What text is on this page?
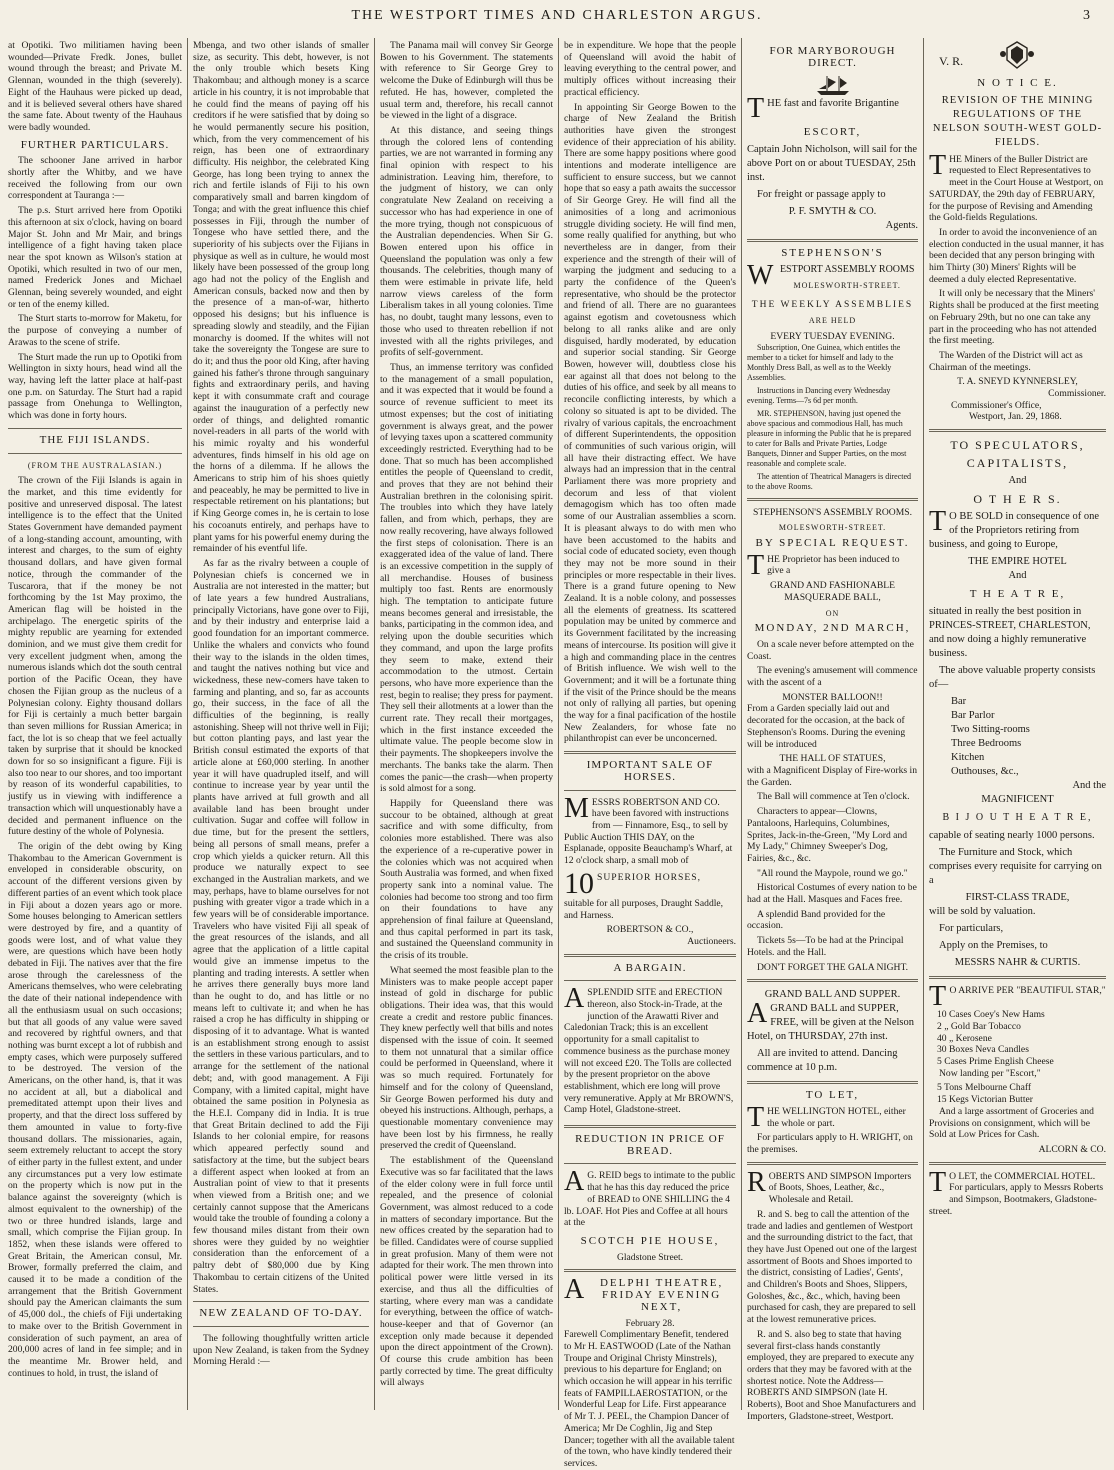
THE WESTPORT TIMES AND CHARLESTON ARGUS.	3

at Opotiki. Two militiamen having been wounded—Private Fredk. Jones, bullet wound through the breast; and Private M. Glennan, wounded in the thigh (severely). Eight of the Hauhaus were picked up dead, and it is believed several others have shared the same fate. About twenty of the Hauhaus were badly wounded.

FURTHER PARTICULARS.

The schooner Jane arrived in harbor shortly after the Whitby, and we have received the following from our own correspondent at Tauranga :—

The p.s. Sturt arrived here from Opotiki this afternoon at six o'clock, having on board Major St. John and Mr Mair, and brings intelligence of a fight having taken place near the spot known as Wilson's station at Opotiki, which resulted in two of our men, named Frederick Jones and Michael Glennan, being severely wounded, and eight or ten of the enemy killed.

The Sturt starts to-morrow for Maketu, for the purpose of conveying a number of Arawas to the scene of strife.

The Sturt made the run up to Opotiki from Wellington in sixty hours, head wind all the way, having left the latter place at half-past one p.m. on Saturday. The Sturt had a rapid passage from Onehunga to Wellington, which was done in forty hours.

THE FIJI ISLANDS.
(FROM THE AUSTRALASIAN.)

The crown of the Fiji Islands is again in the market, and this time evidently for positive and unreserved disposal. The latest intelligence is to the effect that the United States Government have demanded payment of a long-standing account, amounting, with interest and charges, to the sum of eighty thousand dollars, and have given formal notice, through the commander of the Tuscarora, that if the money be not forthcoming by the 1st May proximo, the American flag will be hoisted in the archipelago. The energetic spirits of the mighty republic are yearning for extended dominion, and we must give them credit for very excellent judgment when, among the numerous islands which dot the south central portion of the Pacific Ocean, they have chosen the Fijian group as the nucleus of a Polynesian colony. Eighty thousand dollars for Fiji is certainly a much better bargain than seven millions for Russian America; in fact, the lot is so cheap that we feel actually taken by surprise that it should be knocked down for so so insignificant a figure. Fiji is also too near to our shores, and too important by reason of its wonderful capabilities, to justify us in viewing with indifference a transaction which will unquestionably have a decided and permanent influence on the future destiny of the whole of Polynesia.

The origin of the debt owing by King Thakombau to the American Government is enveloped in considerable obscurity, on account of the different versions given by different parties of an event which took place in Fiji about a dozen years ago or more. Some houses belonging to American settlers were destroyed by fire, and a quantity of goods were lost, and of what value they were, are questions which have been hotly debated in Fiji. The natives aver that the fire arose through the carelessness of the Americans themselves, who were celebrating the date of their national independence with all the enthusiasm usual on such occasions; but that all goods of any value were saved and recovered by rightful owners, and that nothing was burnt except a lot of rubbish and empty cases, which were purposely suffered to be destroyed. The version of the Americans, on the other hand, is, that it was no accident at all, but a diabolical and premeditated attempt upon their lives and property, and that the direct loss suffered by them amounted in value to forty-five thousand dollars. The missionaries, again, seem extremely reluctant to accept the story of either party in the fullest extent, and under any circumstances put a very low estimate on the property which is now put in the balance against the sovereignty (which is almost equivalent to the ownership) of the two or three hundred islands, large and small, which comprise the Fijian group. In 1852, when these islands were offered to Great Britain, the American consul, Mr. Brower, formally preferred the claim, and caused it to be made a condition of the arrangement that the British Government should pay the American claimants the sum of 45,000 dol., the chiefs of Fiji undertaking to make over to the British Government in consideration of such payment, an area of 200,000 acres of land in fee simple; and in the meantime Mr. Brower held, and continues to hold, in trust, the island of

Mbenga, and two other islands of smaller size, as security. This debt, however, is not the only trouble which besets King Thakombau; and although money is a scarce article in his country, it is not improbable that he could find the means of paying off his creditors if he were satisfied that by doing so he would permanently secure his position, which, from the very commencement of his reign, has been one of extraordinary difficulty. His neighbor, the celebrated King George, has long been trying to annex the rich and fertile islands of Fiji to his own comparatively small and barren kingdom of Tonga; and with the great influence this chief possesses in Fiji, through the number of Tongese who have settled there, and the superiority of his subjects over the Fijians in physique as well as in culture, he would most likely have been possessed of the group long ago had not the policy of the English and American consuls, backed now and then by the presence of a man-of-war, hitherto opposed his designs; but his influence is spreading slowly and steadily, and the Fijian monarchy is doomed. If the whites will not take the sovereignty the Tongese are sure to do it; and thus the poor old King, after having gained his father's throne through sanguinary fights and extraordinary perils, and having kept it with consummate craft and courage against the inauguration of a perfectly new order of things, and delighted romantic novel-readers in all parts of the world with his mimic royalty and his wonderful adventures, finds himself in his old age on the horns of a dilemma. If he allows the Americans to strip him of his shoes quietly and peaceably, he may be permitted to live in respectable retirement on his plantations; but if King George comes in, he is certain to lose his cocoanuts entirely, and perhaps have to plant yams for his powerful enemy during the remainder of his eventful life.

As far as the rivalry between a couple of Polynesian chiefs is concerned we in Australia are not interested in the matter; but of late years a few hundred Australians, principally Victorians, have gone over to Fiji, and by their industry and enterprise laid a good foundation for an important commerce. Unlike the whalers and convicts who found their way to the islands in the olden times, and taught the natives nothing but vice and wickedness, these new-comers have taken to farming and planting, and so, far as accounts go, their success, in the face of all the difficulties of the beginning, is really astonishing. Sheep will not thrive well in Fiji; but cotton planting pays, and last year the British consul estimated the exports of that article alone at £60,000 sterling. In another year it will have quadrupled itself, and will continue to increase year by year until the plants have arrived at full growth and all available land has been brought under cultivation. Sugar and coffee will follow in due time, but for the present the settlers, being all persons of small means, prefer a crop which yields a quicker return. All this produce we naturally expect to see exchanged in the Australian markets, and we may, perhaps, have to blame ourselves for not pushing with greater vigor a trade which in a few years will be of considerable importance. Travelers who have visited Fiji all speak of the great resources of the islands, and all agree that the application of a little capital would give an immense impetus to the planting and trading interests. A settler when he arrives there generally buys more land than he ought to do, and has little or no means left to cultivate it; and when he has raised a crop he has difficulty in shipping or disposing of it to advantage. What is wanted is an establishment strong enough to assist the settlers in these various particulars, and to arrange for the settlement of the national debt; and, with good management. A Fiji Company, with a limited capital, might have obtained the same position in Polynesia as the H.E.I. Company did in India. It is true that Great Britain declined to add the Fiji Islands to her colonial empire, for reasons which appeared perfectly sound and satisfactory at the time, but the subject bears a different aspect when looked at from an Australian point of view to that it presents when viewed from a British one; and we certainly cannot suppose that the Americans would take the trouble of founding a colony a few thousand miles distant from their own shores were they guided by no weightier consideration than the enforcement of a paltry debt of $80,000 due by King Thakombau to certain citizens of the United States.

NEW ZEALAND OF TO-DAY.

The following thoughtfully written article upon New Zealand, is taken from the Sydney Morning Herald :—

The Panama mail will convey Sir George Bowen to his Government. The statements with reference to Sir George Grey to welcome the Duke of Edinburgh will thus be refuted. He has, however, completed the usual term and, therefore, his recall cannot be viewed in the light of a disgrace.

At this distance, and seeing things through the colored lens of contending parties, we are not warranted in forming any final opinion with respect to his administration. Leaving him, therefore, to the judgment of history, we can only congratulate New Zealand on receiving a successor who has had experience in one of the more trying, though not conspicuous of the Australian dependencies. When Sir G. Bowen entered upon his office in Queensland the population was only a few thousands. The celebrities, though many of them were estimable in private life, held narrow views careless of the form Liberalism takes in all young colonies. Time has, no doubt, taught many lessons, even to those who used to threaten rebellion if not invested with all the rights privileges, and profits of self-government.

Thus, an immense territory was confided to the management of a small population, and it was expected that it would be found a source of revenue sufficient to meet its utmost expenses; but the cost of initiating government is always great, and the power of levying taxes upon a scattered community exceedingly restricted. Everything had to be done. That so much has been accomplished entitles the people of Queensland to credit, and proves that they are not behind their Australian brethren in the colonising spirit. The troubles into which they have lately fallen, and from which, perhaps, they are now really recovering, have always followed the first steps of colonisation. There is an exaggerated idea of the value of land. There is an excessive competition in the supply of all merchandise. Houses of business multiply too fast. Rents are enormously high. The temptation to anticipate future means becomes general and irresistable, the banks, participating in the common idea, and relying upon the double securities which they command, and upon the large profits they seem to make, extend their accommodation to the utmost. Certain persons, who have more experience than the rest, begin to realise; they press for payment. They sell their allotments at a lower than the current rate. They recall their mortgages, which in the first instance exceeded the ultimate value. The people become slow in their payments. The shopkeepers involve the merchants. The banks take the alarm. Then comes the panic—the crash—when property is sold almost for a song.

Happily for Queensland there was succour to be obtained, although at great sacrifice and with some difficulty, from colonies more established. There was also the experience of a re-cuperative power in the colonies which was not acquired when South Australia was formed, and when fixed property sank into a nominal value. The colonies had become too strong and too firm on their foundations to have any apprehension of final failure at Queensland, and thus capital performed in part its task, and sustained the Queensland community in the crisis of its trouble.

What seemed the most feasible plan to the Ministers was to make people accept paper instead of gold in discharge for public obligations. Their idea was, that this would create a credit and restore public finances. They knew perfectly well that bills and notes dispensed with the issue of coin. It seemed to them not unnatural that a similar office could be performed in Queensland, where it was so much required. Fortunately for himself and for the colony of Queensland, Sir George Bowen performed his duty and obeyed his instructions. Although, perhaps, a questionable momentary convenience may have been lost by his firmness, he really preserved the credit of Queensland.

The establishment of the Queensland Executive was so far facilitated that the laws of the elder colony were in full force until repealed, and the presence of colonial Government, was almost reduced to a code in matters of secondary importance. But the new offices created by the separation had to be filled. Candidates were of course supplied in great profusion. Many of them were not adapted for their work. The men thrown into political power were little versed in its exercise, and thus all the difficulties of starting, where every man was a candidate for everything, between the office of watch-house-keeper and that of Governor (an exception only made because it depended upon the direct appointment of the Crown). Of course this crude ambition has been partly corrected by time. The great difficulty will always

be in expenditure. We hope that the people of Queensland will avoid the habit of leaving everything to the central power, and multiply offices without increasing their practical efficiency.

In appointing Sir George Bowen to the charge of New Zealand the British authorities have given the strongest evidence of their appreciation of his ability. There are some happy positions where good intentions and moderate intelligence are sufficient to ensure success, but we cannot hope that so easy a path awaits the successor of Sir George Grey. He will find all the animosities of a long and acrimonious struggle dividing society. He will find men, some really qualified for anything, but who nevertheless are in danger, from their experience and the strength of their will of warping the judgment and seducing to a party the confidence of the Queen's representative, who should be the protector and friend of all. There are no guarantees against egotism and covetousness which belong to all ranks alike and are only disguised, hardly moderated, by education and superior social standing. Sir George Bowen, however will, doubtless close his ear against all that does not belong to the duties of his office, and seek by all means to reconcile conflicting interests, by which a colony so situated is apt to be divided. The rivalry of various capitals, the encroachment of different Superintendents, the opposition of communities of such various origin, will all have their distracting effect. We have always had an impression that in the central Parliament there was more propriety and decorum and less of that violent demagogism which has too often made some of our Australian assemblies a scorn. It is pleasant always to do with men who have been accustomed to the habits and social code of educated society, even though they may not be more sound in their principles or more respectable in their lives. There is a grand future opening to New Zealand. It is a noble colony, and possesses all the elements of greatness. Its scattered population may be united by commerce and its Government facilitated by the increasing means of intercourse. Its position will give it a high and commanding place in the centres of British influence. We wish well to the Government; and it will be a fortunate thing if the visit of the Prince should be the means not only of rallying all parties, but opening the way for a final pacification of the hostile New Zealanders, for whose fate no philanthropist can ever be unconcerned.

IMPORTANT SALE OF HORSES.
M ESSRS ROBERTSON AND CO. have been favored with instructions from — Finnamore, Esq., to sell by Public Auction THIS DAY, on the Esplanade, opposite Beauchamp's Wharf, at 12 o'clock sharp, a small mob of

10 SUPERIOR HORSES,

suitable for all purposes, Draught Saddle, and Harness.

ROBERTSON & CO.,
Auctioneers.
A BARGAIN.
A SPLENDID SITE and ERECTION thereon, also Stock-in-Trade, at the junction of the Arawatti River and Caledonian Track; this is an excellent opportunity for a small capitalist to commence business as the purchase money will not exceed £20. The Tolls are collected by the present proprietor on the above establishment, which ere long will prove very remunerative. Apply at Mr BROWN'S, Camp Hotel, Gladstone-street.

REDUCTION IN PRICE OF BREAD.
A G. REID begs to intimate to the public that he has this day reduced the price of BREAD to ONE SHILLING the 4 lb. LOAF. Hot Pies and Coffee at all hours at the

SCOTCH PIE HOUSE,
Gladstone Street.
A	DELPHI THEATRE, FRIDAY EVENING NEXT,
February 28.

Farewell Complimentary Benefit, tendered to Mr H. EASTWOOD (Late of the Nathan Troupe and Original Christy Minstrels), previous to his departure for England; on which occasion he will appear in his terrific feats of FAMPILLAEROSTATION, or the Wonderful Leap for Life. First appearance of Mr T. J. PEEL, the Champion Dancer of America; Mr De Coghlin, Jig and Step Dancer; together with all the available talent of the town, who have kindly tendered their services.

FOR MARYBOROUGH DIRECT.
T HE fast and favorite Brigantine

ESCORT,

Captain John Nicholson, will sail for the above Port on or about TUESDAY, 25th inst.

For freight or passage apply to

P. F. SMYTH & CO.
Agents.
STEPHENSON'S
W ESTPORT ASSEMBLY ROOMS
MOLESWORTH-STREET.
THE WEEKLY ASSEMBLIES
ARE HELD
EVERY TUESDAY EVENING.

Subscription, One Guinea, which entitles the member to a ticket for himself and lady to the Monthly Dress Ball, as well as to the Weekly Assemblies.

Instructions in Dancing every Wednesday evening. Terms—7s 6d per month.

MR. STEPHENSON, having just opened the above spacious and commodious Hall, has much pleasure in informing the Public that he is prepared to cater for Balls and Private Parties, Lodge Banquets, Dinner and Supper Parties, on the most reasonable and complete scale.

The attention of Theatrical Managers is directed to the above Rooms.

STEPHENSON'S ASSEMBLY ROOMS.
MOLESWORTH-STREET.
BY SPECIAL REQUEST.
T HE Proprietor has been induced to give a

GRAND AND FASHIONABLE MASQUERADE BALL,
ON
MONDAY, 2ND MARCH,

On a scale never before attempted on the Coast.

The evening's amusement will commence with the ascent of a

MONSTER BALLOON!!

From a Garden specially laid out and decorated for the occasion, at the back of Stephenson's Rooms. During the evening will be introduced

THE HALL OF STATUES,

with a Magnificent Display of Fire-works in the Garden.

The Ball will commence at Ten o'clock.

Characters to appear—Clowns, Pantaloons, Harlequins, Columbines, Sprites, Jack-in-the-Green, "My Lord and My Lady," Chimney Sweeper's Dog, Fairies, &c., &c.

"All round the Maypole, round we go."

Historical Costumes of every nation to be had at the Hall. Masques and Faces free.

A splendid Band provided for the occasion.

Tickets 5s—To be had at the Principal Hotels. and the Hall.

DON'T FORGET THE GALA NIGHT.
GRAND BALL AND SUPPER.
A GRAND BALL and SUPPER, FREE, will be given at the Nelson Hotel, on THURSDAY, 27th inst.

All are invited to attend. Dancing commence at 10 p.m.

TO LET,
T HE WELLINGTON HOTEL, either the whole or part.

For particulars apply to H. WRIGHT, on the premises.

R OBERTS AND SIMPSON Importers of Boots, Shoes, Leather, &c., Wholesale and Retail.

R. and S. beg to call the attention of the trade and ladies and gentlemen of Westport and the surrounding district to the fact, that they have Just Opened out one of the largest assortment of Boots and Shoes imported to the district, consisting of Ladies', Gents', and Children's Boots and Shoes, Slippers, Goloshes, &c., &c., which, having been purchased for cash, they are prepared to sell at the lowest remunerative prices.

R. and S. also beg to state that having several first-class hands constantly employed, they are prepared to execute any orders that they may be favored with at the shortest notice. Note the Address—ROBERTS AND SIMPSON (late H. Roberts), Boot and Shoe Manufacturers and Importers, Gladstone-street, Westport.

V. R.
N O T I C E.
REVISION OF THE MINING REGULATIONS OF THE NELSON SOUTH-WEST GOLD-FIELDS.
T HE Miners of the Buller District are requested to Elect Representatives to meet in the Court House at Westport, on SATURDAY, the 29th day of FEBRUARY, for the purpose of Revising and Amending the Gold-fields Regulations.

In order to avoid the inconvenience of an election conducted in the usual manner, it has been decided that any person bringing with him Thirty (30) Miners' Rights will be deemed a duly elected Representative.

It will only be necessary that the Miners' Rights shall be produced at the first meeting on February 29th, but no one can take any part in the proceeding who has not attended the first meeting.

The Warden of the District will act as Chairman of the meetings.

T. A. SNEYD KYNNERSLEY,
Commissioner.
Commissioner's Office,
Westport, Jan. 29, 1868.
TO SPECULATORS,
CAPITALISTS,
And
O T H E R S.
T O BE SOLD in consequence of one of the Proprietors retiring from business, and going to Europe,

THE EMPIRE HOTEL
And
T H E A T R E,

situated in really the best position in PRINCES-STREET, CHARLESTON, and now doing a highly remunerative business.

The above valuable property consists of—

Bar
Bar Parlor
Two Sitting-rooms
Three Bedrooms
Kitchen
Outhouses, &c.,
And the
MAGNIFICENT
B I J O U T H E A T R E,

capable of seating nearly 1000 persons.

The Furniture and Stock, which comprises every requisite for carrying on a

FIRST-CLASS TRADE,

will be sold by valuation.

For particulars,

Apply on the Premises, to

MESSRS NAHR & CURTIS.
T O ARRIVE PER "BEAUTIFUL STAR,"
10 Cases Coey's New Hams
2 „ Gold Bar Tobacco
40 „ Kerosene
30 Boxes Neva Candles
5 Cases Prime English Cheese

Now landing per "Escort,"

5 Tons Melbourne Chaff
15 Kegs Victorian Butter

And a large assortment of Groceries and Provisions on consignment, which will be Sold at Low Prices for Cash.

ALCORN & CO.
T O LET, the COMMERCIAL HOTEL. For particulars, apply to Messrs Roberts and Simpson, Bootmakers, Gladstone-street.
